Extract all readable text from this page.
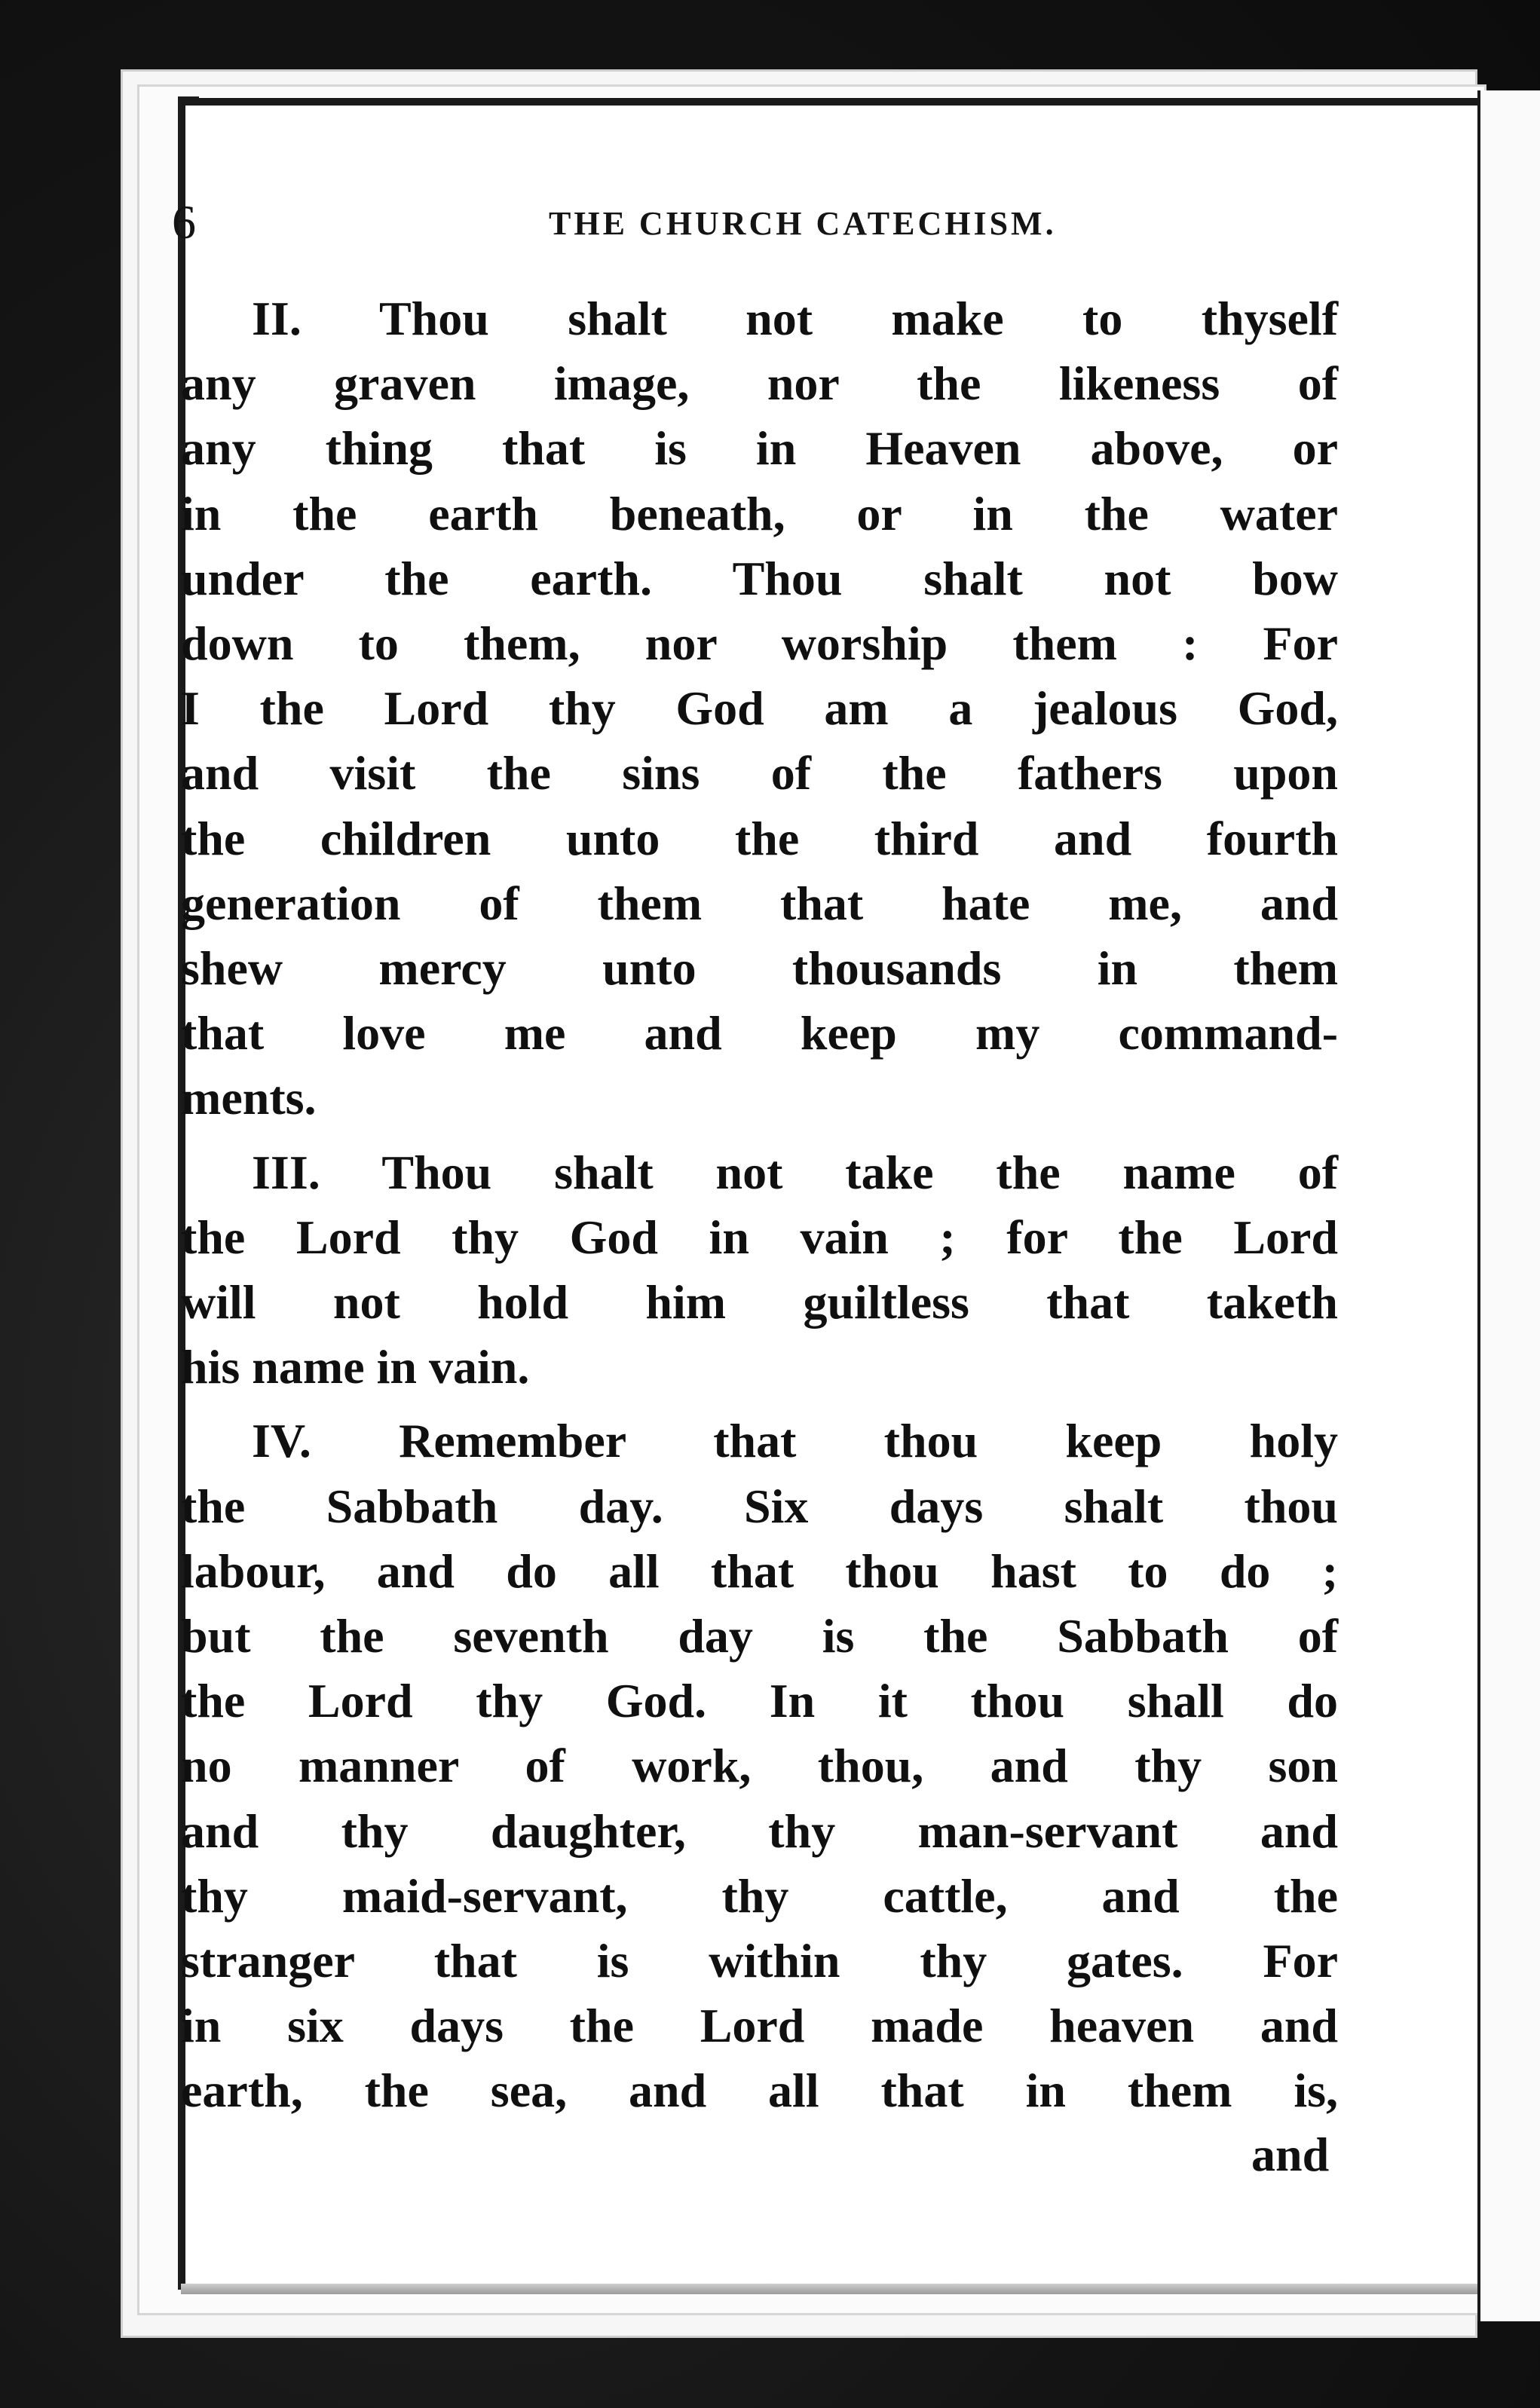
6	THE CHURCH CATECHISM.
II. Thou shalt not make to thyself
any graven image, nor the likeness of
any thing that is in Heaven above, or
in the earth beneath, or in the water
under the earth. Thou shalt not bow
down to them, nor worship them : For
I the Lord thy God am a jealous God,
and visit the sins of the fathers upon
the children unto the third and fourth
generation of them that hate me, and
shew mercy unto thousands in them
that love me and keep my command-
ments.
III. Thou shalt not take the name of
the Lord thy God in vain ; for the Lord
will not hold him guiltless that taketh
his name in vain.
IV. Remember that thou keep holy
the Sabbath day. Six days shalt thou
labour, and do all that thou hast to do ;
but the seventh day is the Sabbath of
the Lord thy God. In it thou shall do
no manner of work, thou, and thy son
and thy daughter, thy man-servant and
thy maid-servant, thy cattle, and the
stranger that is within thy gates. For
in six days the Lord made heaven and
earth, the sea, and all that in them is,
and
